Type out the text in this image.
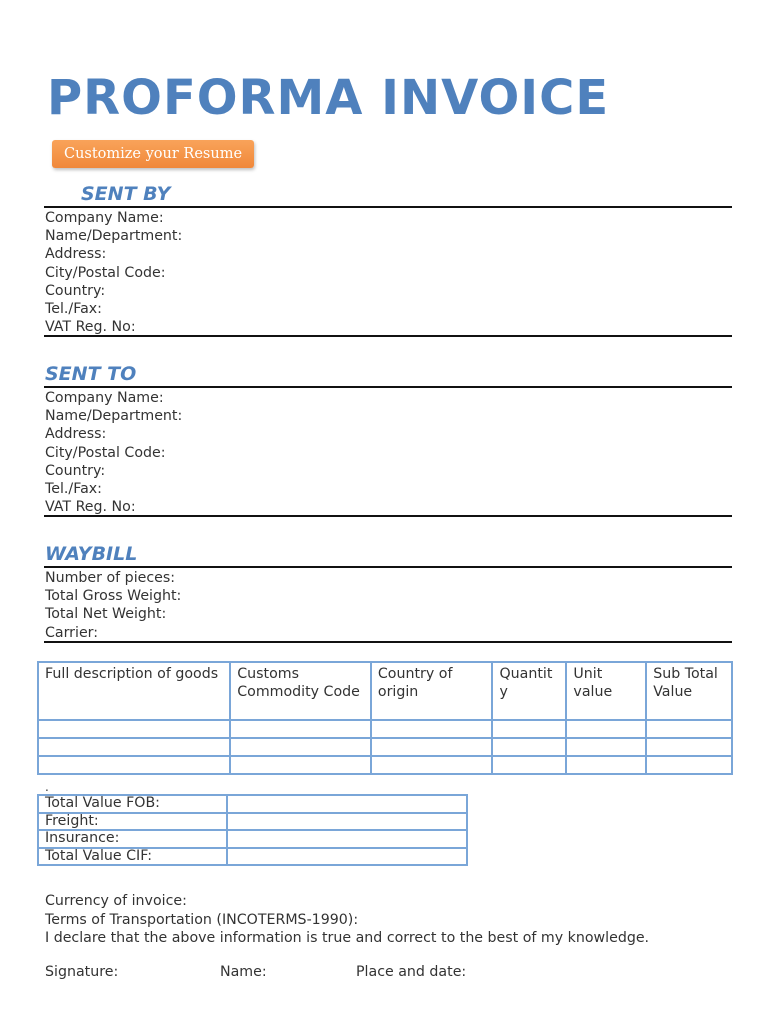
PROFORMA INVOICE
Customize your Resume
SENT BY
Company Name:
Name/Department:
Address:
City/Postal Code:
Country:
Tel./Fax:
VAT Reg. No:
SENT TO
Company Name:
Name/Department:
Address:
City/Postal Code:
Country:
Tel./Fax:
VAT Reg. No:
WAYBILL
Number of pieces:
Total Gross Weight:
Total Net Weight:
Carrier:
Full description of goods	Customs Commodity Code	Country of origin	Quantit y	Unit value	Sub Total Value

.
Total Value FOB:	
Freight:	
Insurance:	
Total Value CIF:	
Currency of invoice:
Terms of Transportation (INCOTERMS-1990):
I declare that the above information is true and correct to the best of my knowledge.
Signature:	Name:	Place and date:
